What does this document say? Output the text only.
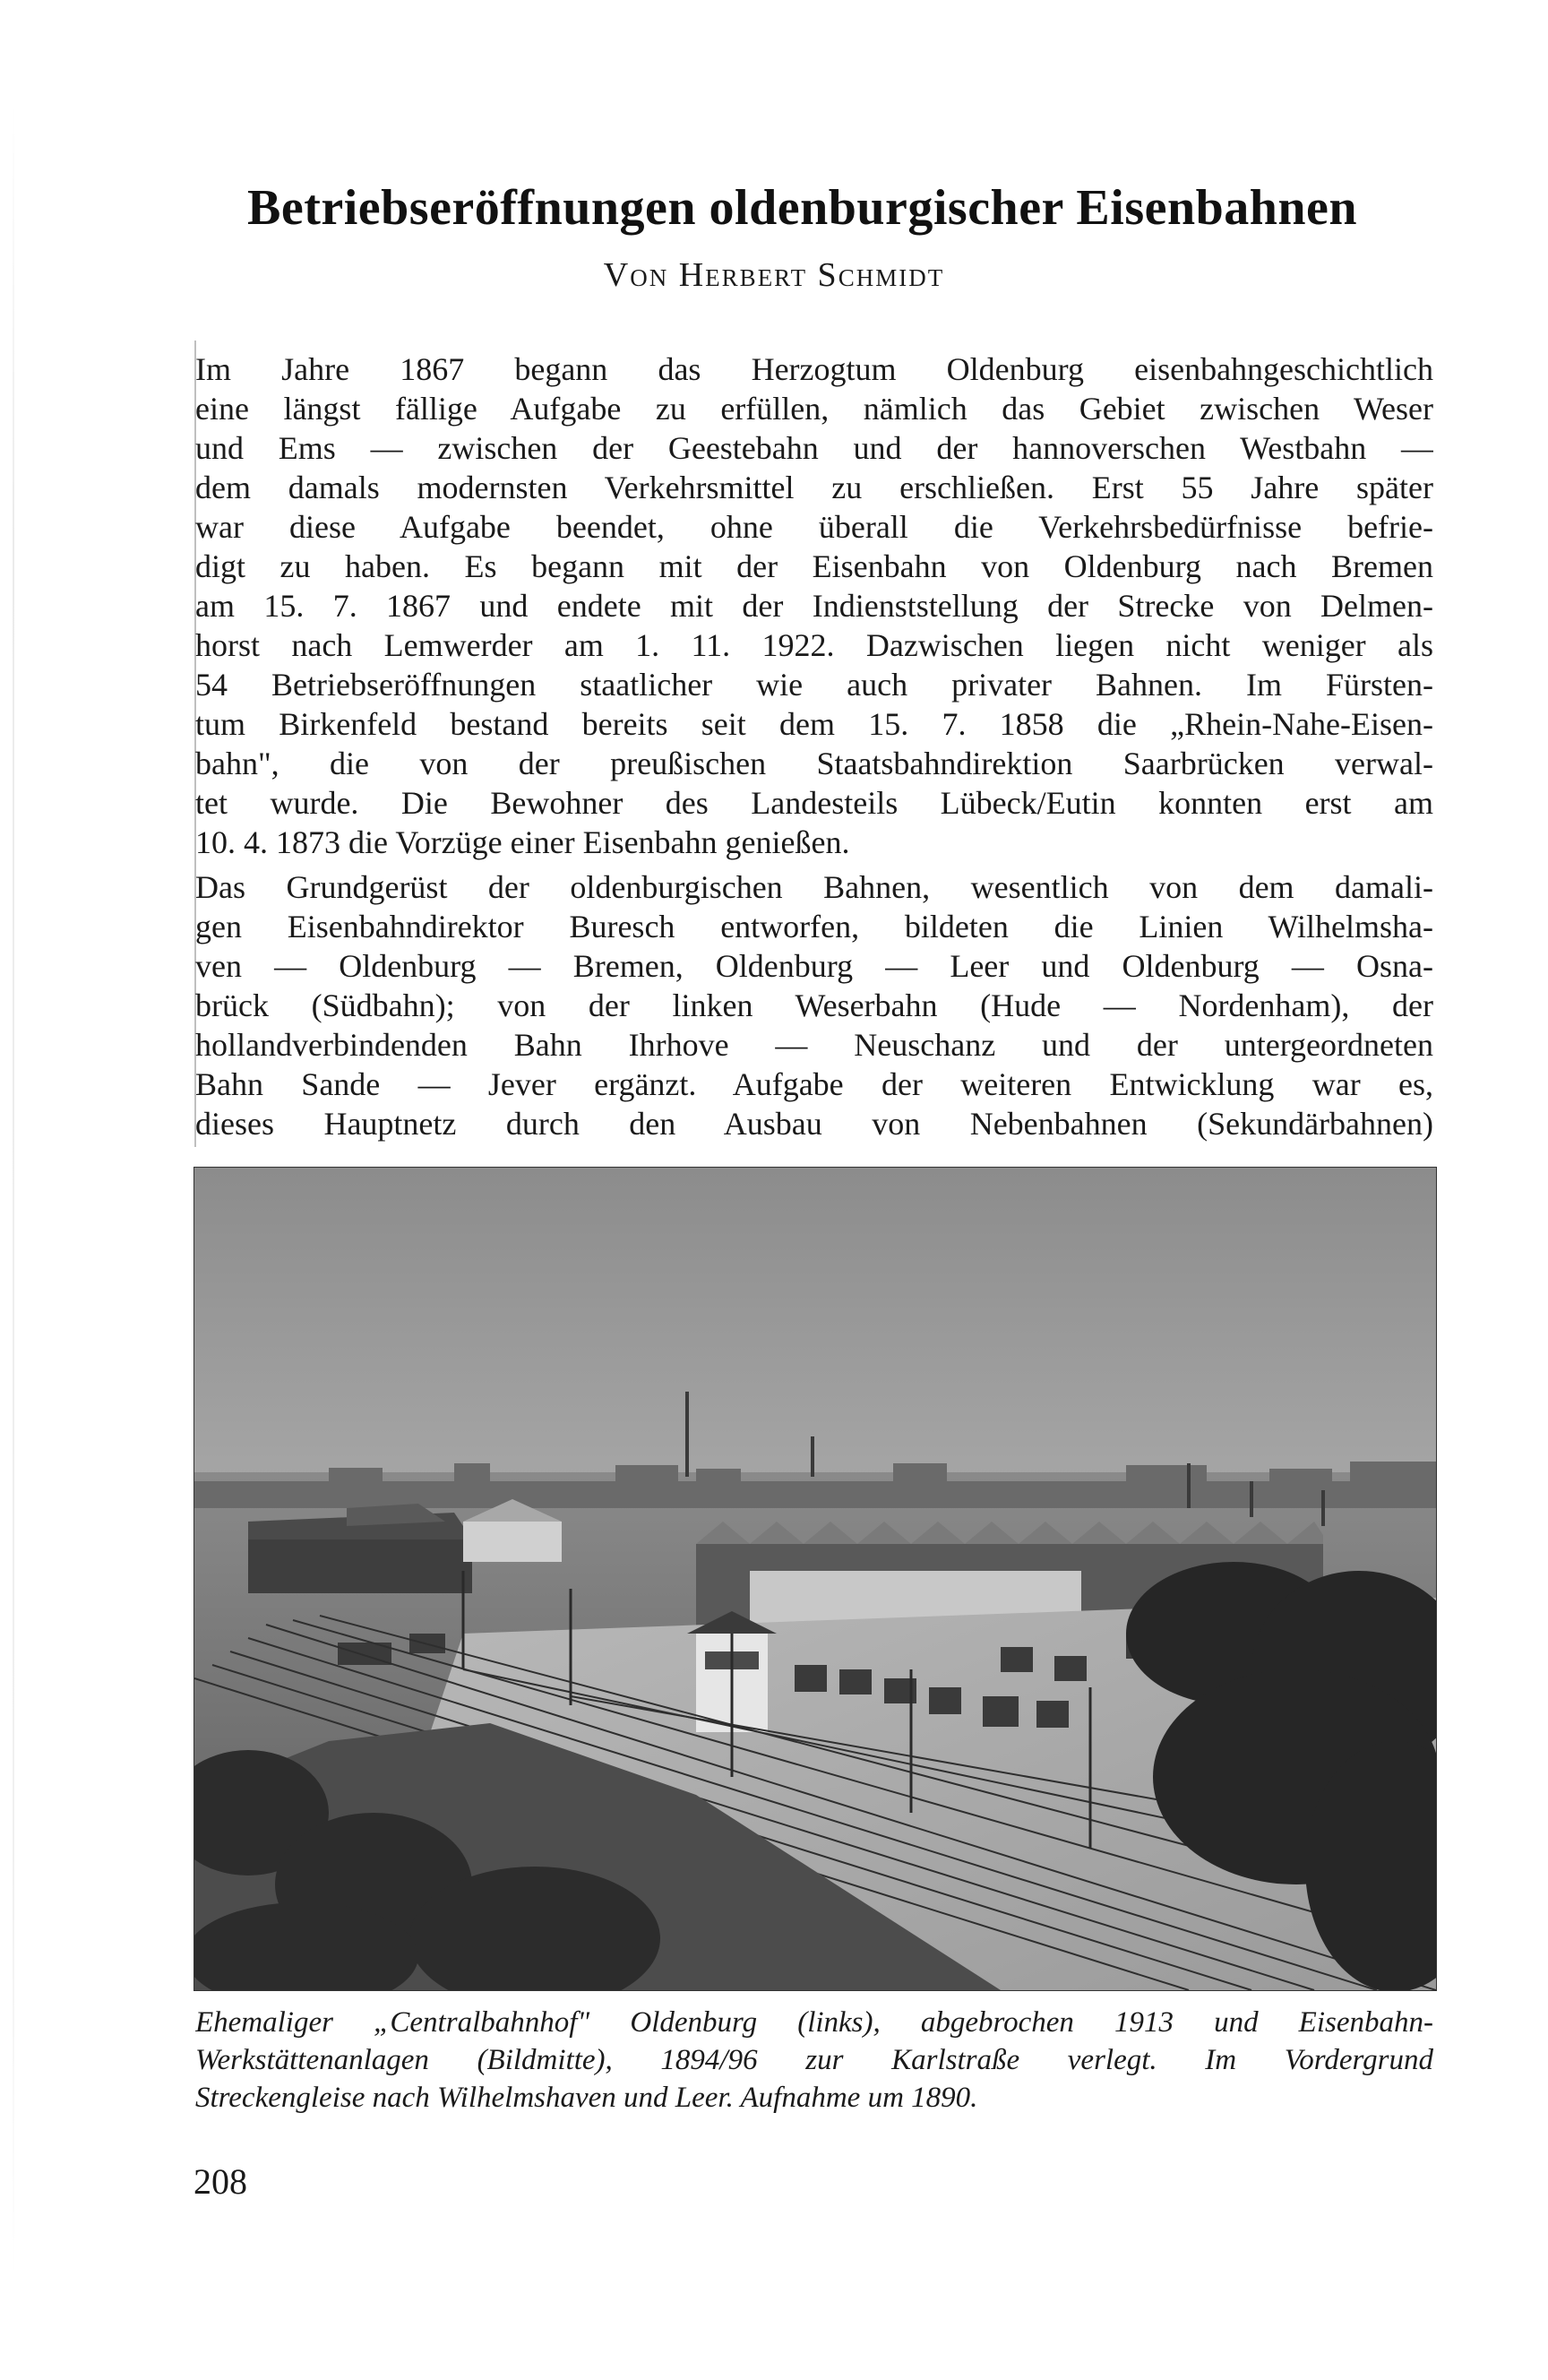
Betriebseröffnungen oldenburgischer Eisenbahnen
Von Herbert Schmidt
Im Jahre 1867 begann das Herzogtum Oldenburg eisenbahngeschichtlich
eine längst fällige Aufgabe zu erfüllen, nämlich das Gebiet zwischen Weser
und Ems — zwischen der Geestebahn und der hannoverschen Westbahn —
dem damals modernsten Verkehrsmittel zu erschließen. Erst 55 Jahre später
war diese Aufgabe beendet, ohne überall die Verkehrsbedürfnisse befrie-
digt zu haben. Es begann mit der Eisenbahn von Oldenburg nach Bremen
am 15. 7. 1867 und endete mit der Indienststellung der Strecke von Delmen-
horst nach Lemwerder am 1. 11. 1922. Dazwischen liegen nicht weniger als
54 Betriebseröffnungen staatlicher wie auch privater Bahnen. Im Fürsten-
tum Birkenfeld bestand bereits seit dem 15. 7. 1858 die „Rhein-Nahe-Eisen-
bahn", die von der preußischen Staatsbahndirektion Saarbrücken verwal-
tet wurde. Die Bewohner des Landesteils Lübeck/Eutin konnten erst am
10. 4. 1873 die Vorzüge einer Eisenbahn genießen.
Das Grundgerüst der oldenburgischen Bahnen, wesentlich von dem damali-
gen Eisenbahndirektor Buresch entworfen, bildeten die Linien Wilhelmsha-
ven — Oldenburg — Bremen, Oldenburg — Leer und Oldenburg — Osna-
brück (Südbahn); von der linken Weserbahn (Hude — Nordenham), der
hollandverbindenden Bahn Ihrhove — Neuschanz und der untergeordneten
Bahn Sande — Jever ergänzt. Aufgabe der weiteren Entwicklung war es,
dieses Hauptnetz durch den Ausbau von Nebenbahnen (Sekundärbahnen)
Ehemaliger „Centralbahnhof" Oldenburg (links), abgebrochen 1913 und Eisenbahn-
Werkstättenanlagen (Bildmitte), 1894/96 zur Karlstraße verlegt. Im Vordergrund
Streckengleise nach Wilhelmshaven und Leer. Aufnahme um 1890.
208
